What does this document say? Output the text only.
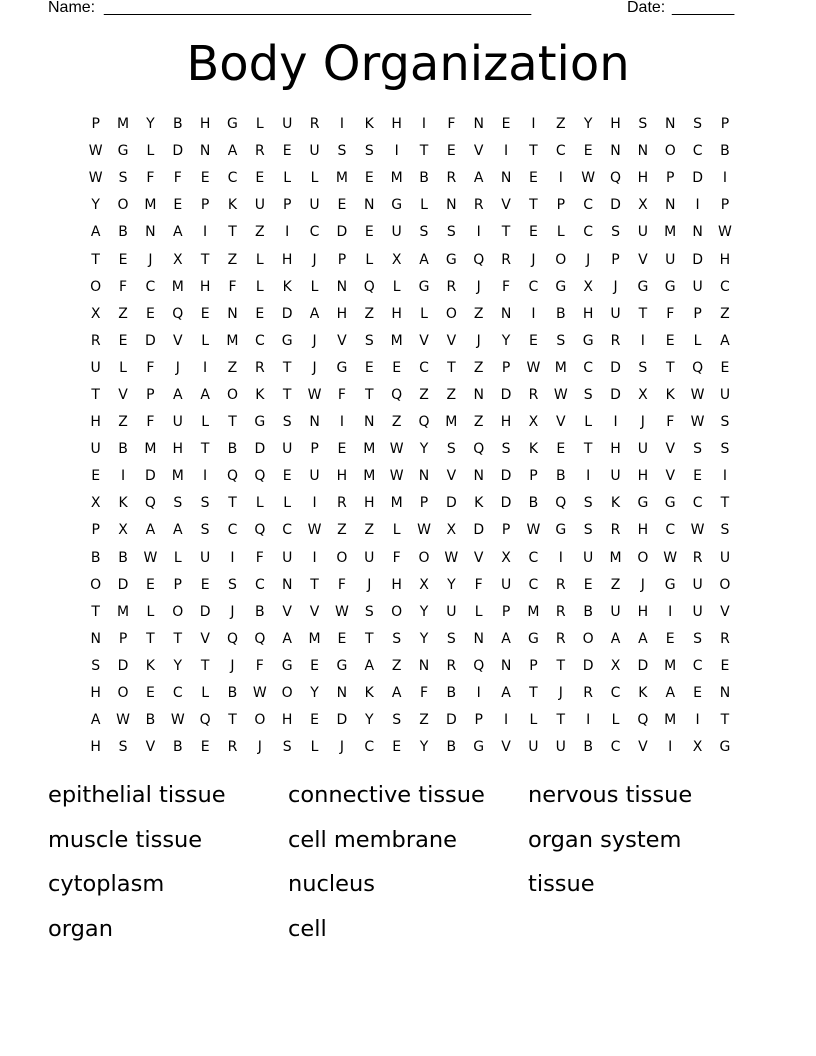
Name: ________________________________________________	Date: _______
Body Organization
P	M	Y	B	H	G	L	U	R	I	K	H	I	F	N	E	I	Z	Y	H	S	N	S	P
W	G	L	D	N	A	R	E	U	S	S	I	T	E	V	I	T	C	E	N	N	O	C	B
W	S	F	F	E	C	E	L	L	M	E	M	B	R	A	N	E	I	W	Q	H	P	D	I
Y	O	M	E	P	K	U	P	U	E	N	G	L	N	R	V	T	P	C	D	X	N	I	P
A	B	N	A	I	T	Z	I	C	D	E	U	S	S	I	T	E	L	C	S	U	M	N	W
T	E	J	X	T	Z	L	H	J	P	L	X	A	G	Q	R	J	O	J	P	V	U	D	H
O	F	C	M	H	F	L	K	L	N	Q	L	G	R	J	F	C	G	X	J	G	G	U	C
X	Z	E	Q	E	N	E	D	A	H	Z	H	L	O	Z	N	I	B	H	U	T	F	P	Z
R	E	D	V	L	M	C	G	J	V	S	M	V	V	J	Y	E	S	G	R	I	E	L	A
U	L	F	J	I	Z	R	T	J	G	E	E	C	T	Z	P	W	M	C	D	S	T	Q	E
T	V	P	A	A	O	K	T	W	F	T	Q	Z	Z	N	D	R	W	S	D	X	K	W	U
H	Z	F	U	L	T	G	S	N	I	N	Z	Q	M	Z	H	X	V	L	I	J	F	W	S
U	B	M	H	T	B	D	U	P	E	M	W	Y	S	Q	S	K	E	T	H	U	V	S	S
E	I	D	M	I	Q	Q	E	U	H	M	W	N	V	N	D	P	B	I	U	H	V	E	I
X	K	Q	S	S	T	L	L	I	R	H	M	P	D	K	D	B	Q	S	K	G	G	C	T
P	X	A	A	S	C	Q	C	W	Z	Z	L	W	X	D	P	W	G	S	R	H	C	W	S
B	B	W	L	U	I	F	U	I	O	U	F	O	W	V	X	C	I	U	M	O	W	R	U
O	D	E	P	E	S	C	N	T	F	J	H	X	Y	F	U	C	R	E	Z	J	G	U	O
T	M	L	O	D	J	B	V	V	W	S	O	Y	U	L	P	M	R	B	U	H	I	U	V
N	P	T	T	V	Q	Q	A	M	E	T	S	Y	S	N	A	G	R	O	A	A	E	S	R
S	D	K	Y	T	J	F	G	E	G	A	Z	N	R	Q	N	P	T	D	X	D	M	C	E
H	O	E	C	L	B	W	O	Y	N	K	A	F	B	I	A	T	J	R	C	K	A	E	N
A	W	B	W	Q	T	O	H	E	D	Y	S	Z	D	P	I	L	T	I	L	Q	M	I	T
H	S	V	B	E	R	J	S	L	J	C	E	Y	B	G	V	U	U	B	C	V	I	X	G
epithelial tissue	connective tissue	nervous tissue
muscle tissue	cell membrane	organ system
cytoplasm	nucleus	tissue
organ	cell
